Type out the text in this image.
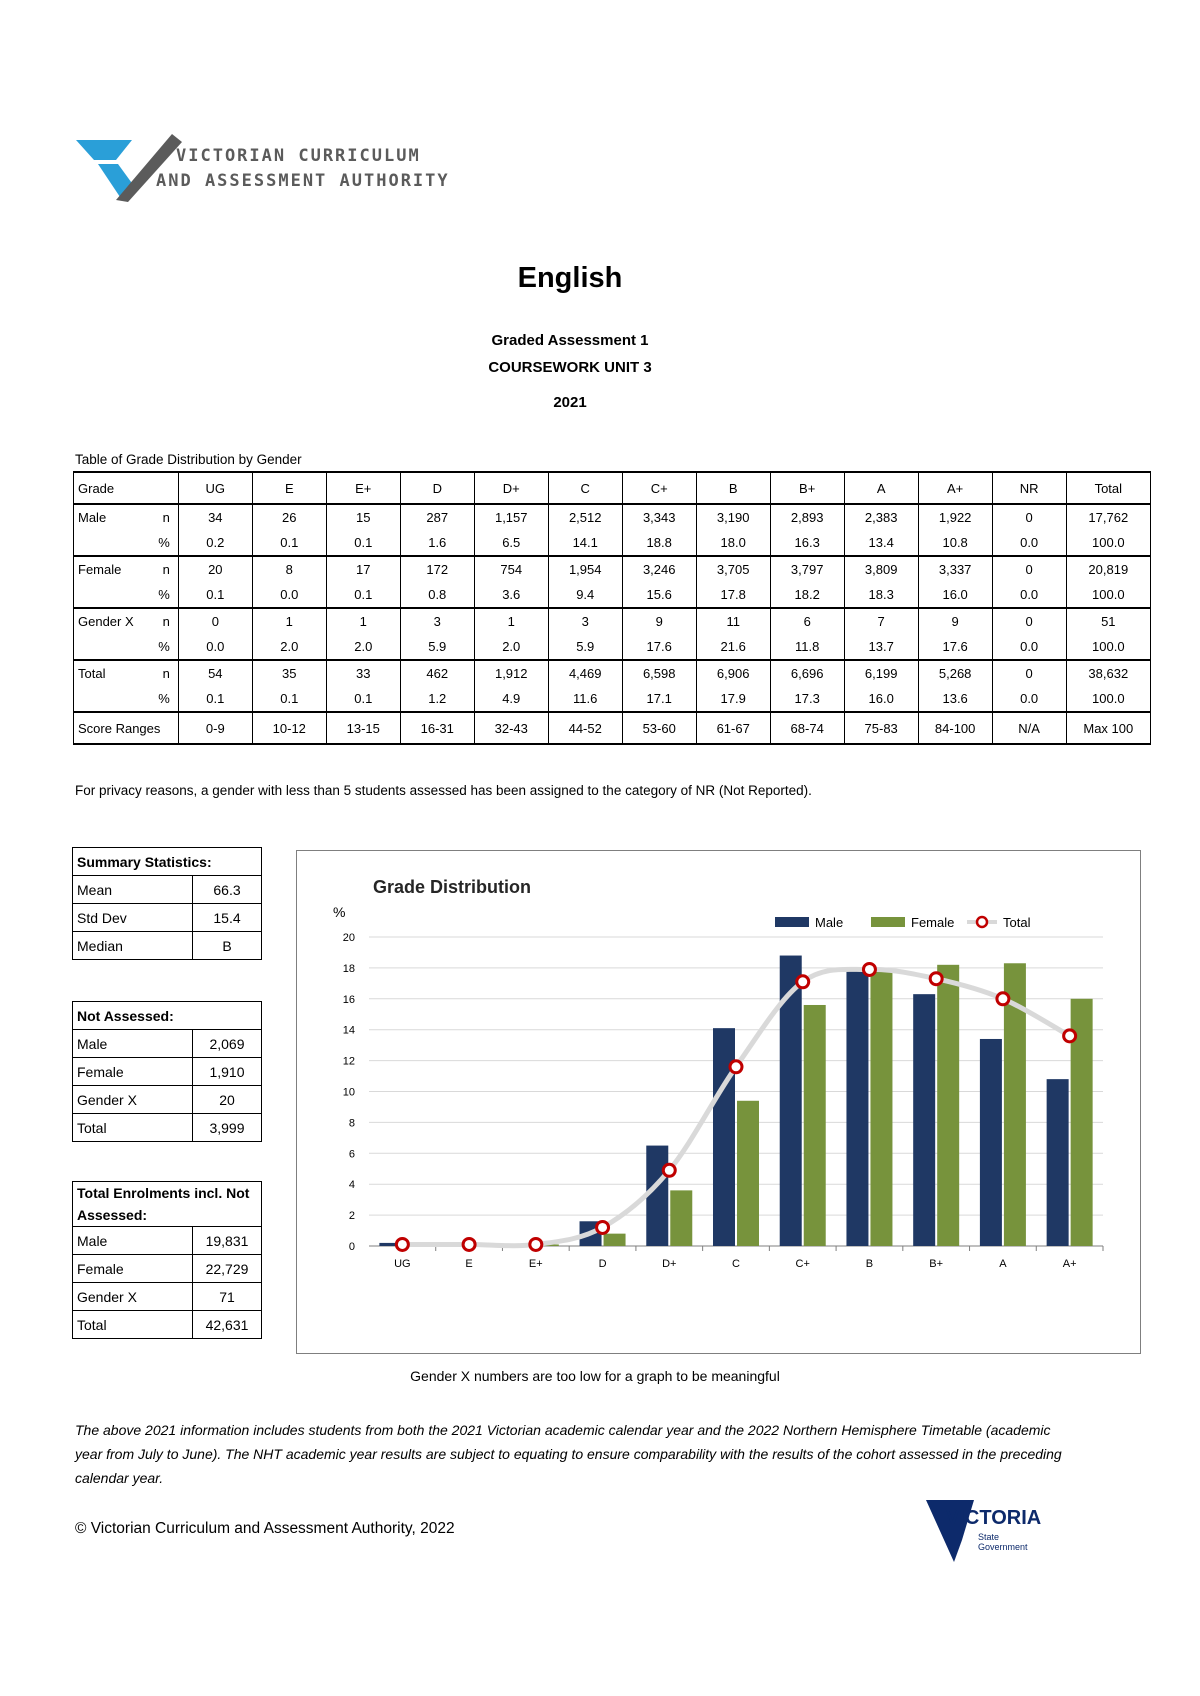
VICTORIAN CURRICULUM
AND ASSESSMENT AUTHORITY
English
Graded Assessment 1
COURSEWORK UNIT 3
2021
Table of Grade Distribution by Gender
Grade		UG	E	E+	D	D+	C	C+	B	B+	A	A+	NR	Total
Male	n	34	26	15	287	1,157	2,512	3,343	3,190	2,893	2,383	1,922	0	17,762
	%	0.2	0.1	0.1	1.6	6.5	14.1	18.8	18.0	16.3	13.4	10.8	0.0	100.0
Female	n	20	8	17	172	754	1,954	3,246	3,705	3,797	3,809	3,337	0	20,819
	%	0.1	0.0	0.1	0.8	3.6	9.4	15.6	17.8	18.2	18.3	16.0	0.0	100.0
Gender X	n	0	1	1	3	1	3	9	11	6	7	9	0	51
	%	0.0	2.0	2.0	5.9	2.0	5.9	17.6	21.6	11.8	13.7	17.6	0.0	100.0
Total	n	54	35	33	462	1,912	4,469	6,598	6,906	6,696	6,199	5,268	0	38,632
	%	0.1	0.1	0.1	1.2	4.9	11.6	17.1	17.9	17.3	16.0	13.6	0.0	100.0
Score Ranges		0-9	10-12	13-15	16-31	32-43	44-52	53-60	61-67	68-74	75-83	84-100	N/A	Max 100
For privacy reasons, a gender with less than 5 students assessed has been assigned to the category of NR (Not Reported).
Summary Statistics:	
Mean	66.3
Std Dev	15.4
Median	B
Not Assessed:	
Male	2,069
Female	1,910
Gender X	20
Total	3,999
Total Enrolments incl. Not Assessed:	
Male	19,831
Female	22,729
Gender X	71
Total	42,631
Grade Distribution
%
0
2
4
6
8
10
12
14
16
18
20
UG	E	E+	D	D+	C	C+	B	B+	A	A+
Male	Female	Total
Gender X numbers are too low for a graph to be meaningful
The above 2021 information includes students from both the 2021 Victorian academic calendar year and the 2022 Northern Hemisphere Timetable (academic year from July to June). The NHT academic year results are subject to equating to ensure comparability with the results of the cohort assessed in the preceding calendar year.
© Victorian Curriculum and Assessment Authority, 2022	VICTORIA
State
Government
